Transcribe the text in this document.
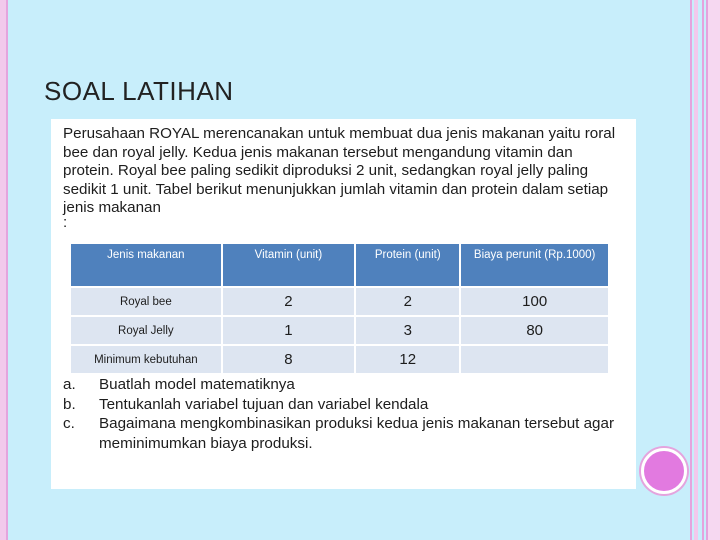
SOAL LATIHAN
Perusahaan ROYAL merencanakan untuk membuat dua jenis makanan yaitu roral bee dan royal jelly. Kedua jenis makanan tersebut mengandung vitamin dan protein. Royal bee paling sedikit diproduksi 2 unit, sedangkan royal jelly paling sedikit 1 unit. Tabel berikut menunjukkan jumlah vitamin dan protein dalam setiap jenis makanan
:
Jenis makanan	Vitamin (unit)	Protein (unit)	Biaya perunit (Rp.1000)
Royal bee	2	2	100
Royal Jelly	1	3	80
Minimum kebutuhan	8	12	
a.	Buatlah model matematiknya
b.	Tentukanlah variabel tujuan dan variabel kendala
c.	Bagaimana mengkombinasikan produksi kedua jenis makanan tersebut agar meminimumkan biaya produksi.
